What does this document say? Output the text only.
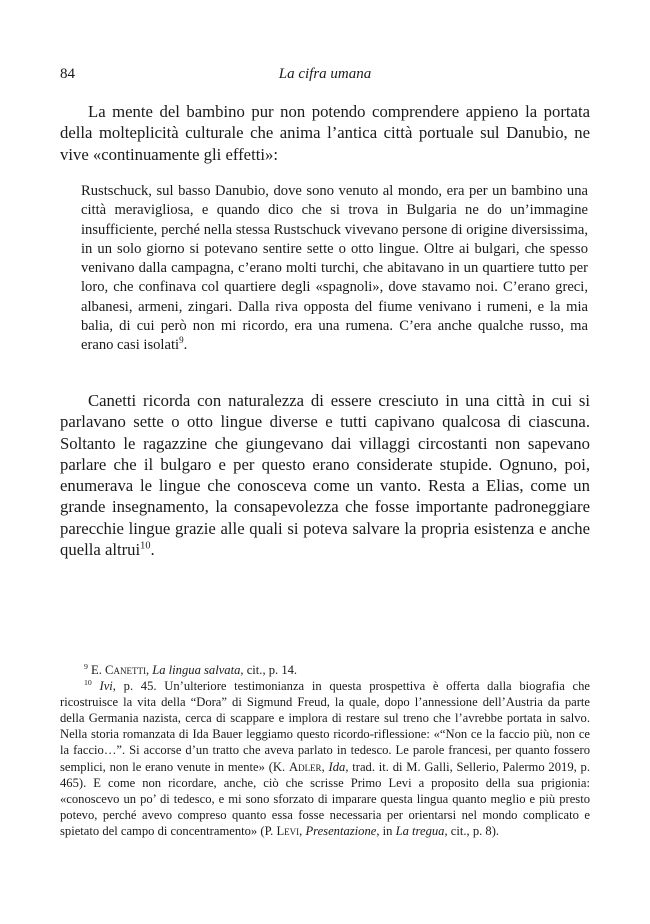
84	La cifra umana

La mente del bambino pur non potendo comprendere appieno la portata della molteplicità culturale che anima l’antica città portuale sul Danubio, ne vive «continuamente gli effetti»:

Rustschuck, sul basso Danubio, dove sono venuto al mondo, era per un bambino una città meravigliosa, e quando dico che si trova in Bulgaria ne do un’immagine insufficiente, perché nella stessa Rustschuck vivevano persone di origine diversissima, in un solo giorno si potevano sentire sette o otto lingue. Oltre ai bulgari, che spesso venivano dalla campagna, c’erano molti turchi, che abitavano in un quartiere tutto per loro, che confinava col quartiere degli «spagnoli», dove stavamo noi. C’erano greci, albanesi, armeni, zingari. Dalla riva opposta del fiume venivano i rumeni, e la mia balia, di cui però non mi ricordo, era una rumena. C’era anche qualche russo, ma erano casi isolati$^9$.

Canetti ricorda con naturalezza di essere cresciuto in una città in cui si parlavano sette o otto lingue diverse e tutti capivano qualcosa di ciascuna. Soltanto le ragazzine che giungevano dai villaggi circostanti non sapevano parlare che il bulgaro e per questo erano considerate stupide. Ognuno, poi, enumerava le lingue che conosceva come un vanto. Resta a Elias, come un grande insegnamento, la consapevolezza che fosse importante padroneggiare parecchie lingue grazie alle quali si poteva salvare la propria esistenza e anche quella altrui$^{10}$.

$^9$ E. Canetti, La lingua salvata, cit., p. 14.

$^{10}$ Ivi, p. 45. Un’ulteriore testimonianza in questa prospettiva è offerta dalla biografia che ricostruisce la vita della “Dora” di Sigmund Freud, la quale, dopo l’annessione dell’Austria da parte della Germania nazista, cerca di scappare e implora di restare sul treno che l’avrebbe portata in salvo. Nella storia romanzata di Ida Bauer leggiamo questo ricordo-riflessione: «“Non ce la faccio più, non ce la faccio…”. Si accorse d’un tratto che aveva parlato in tedesco. Le parole francesi, per quanto fossero semplici, non le erano venute in mente» (K. Adler, Ida, trad. it. di M. Galli, Sellerio, Palermo 2019, p. 465). E come non ricordare, anche, ciò che scrisse Primo Levi a proposito della sua prigionia: «conoscevo un po’ di tedesco, e mi sono sforzato di imparare questa lingua quanto meglio e più presto potevo, perché avevo compreso quanto essa fosse necessaria per orientarsi nel mondo complicato e spietato del campo di concentramento» (P. Levi, Presentazione, in La tregua, cit., p. 8).
